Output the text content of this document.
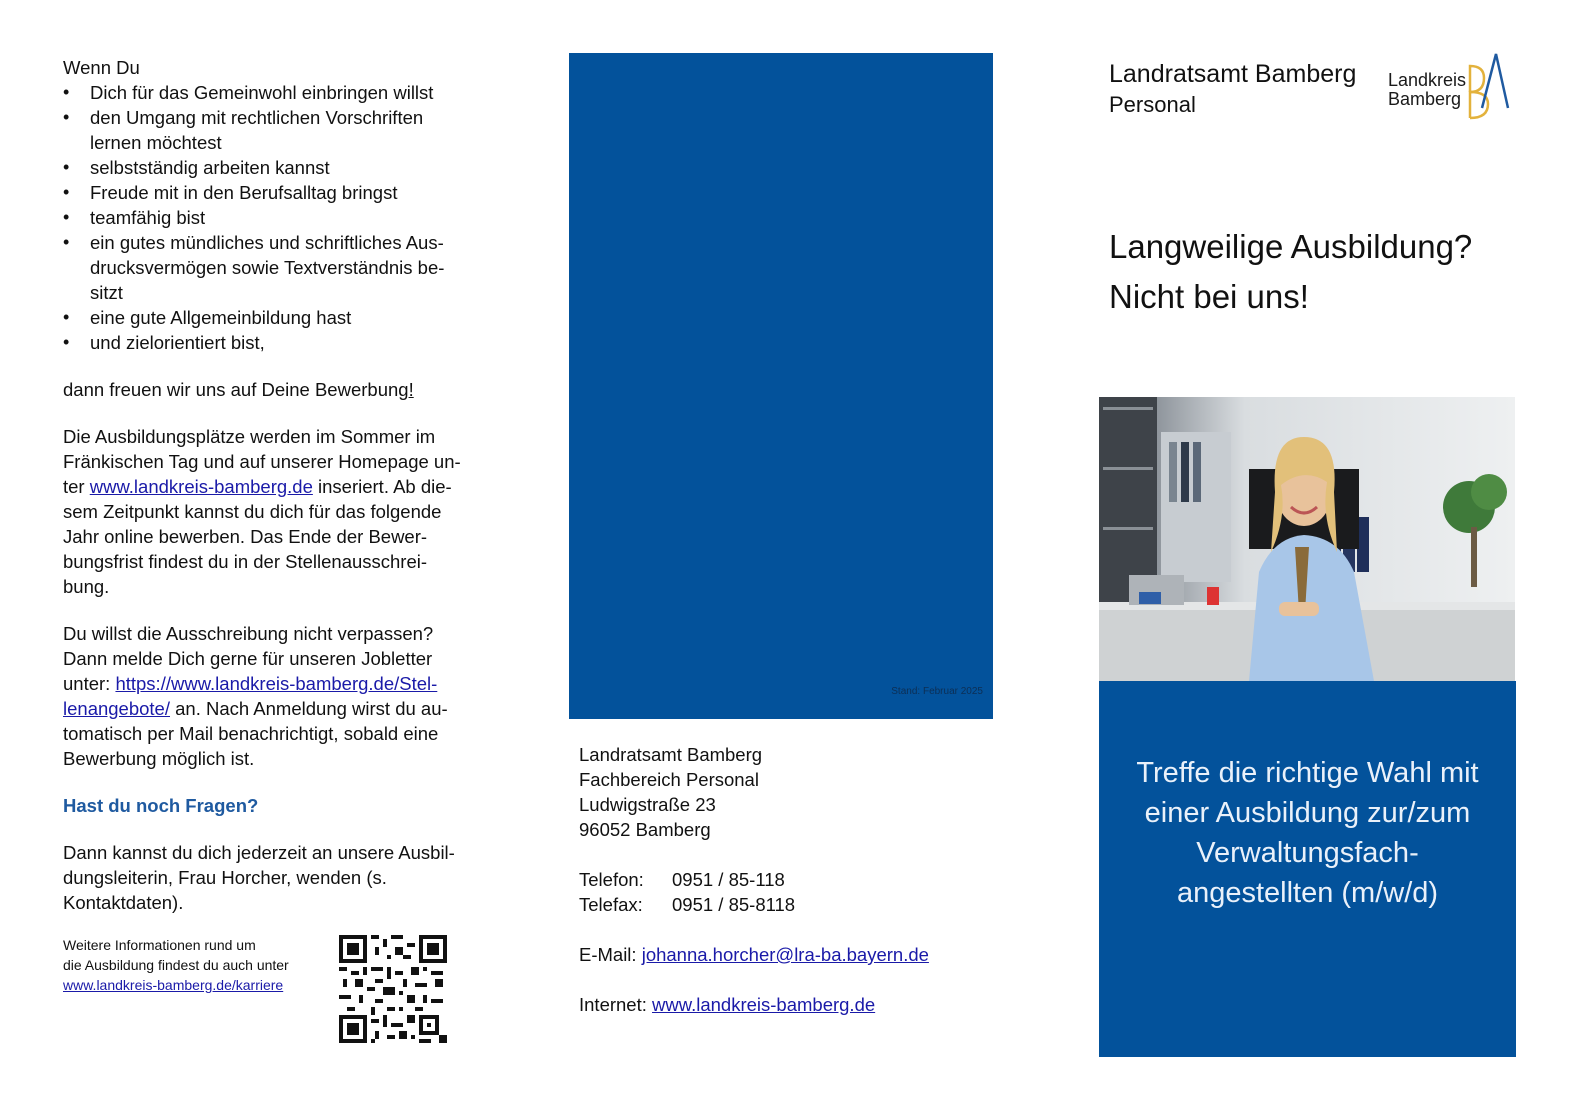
Wenn Du

• Dich für das Gemeinwohl einbringen willst
• den Umgang mit rechtlichen Vorschriften lernen möchtest
• selbstständig arbeiten kannst
• Freude mit in den Berufsalltag bringst
• teamfähig bist
• ein gutes mündliches und schriftliches Aus-drucksvermögen sowie Textverständnis be-sitzt
• eine gute Allgemeinbildung hast
• und zielorientiert bist,

dann freuen wir uns auf Deine Bewerbung!

Die Ausbildungsplätze werden im Sommer im Fränkischen Tag und auf unserer Homepage un-ter www.landkreis-bamberg.de inseriert. Ab die-sem Zeitpunkt kannst du dich für das folgende Jahr online bewerben. Das Ende der Bewer-bungsfrist findest du in der Stellenausschrei-bung.

Du willst die Ausschreibung nicht verpassen? Dann melde Dich gerne für unseren Jobletter unter: https://www.landkreis-bamberg.de/Stel-lenangebote/ an. Nach Anmeldung wirst du au-tomatisch per Mail benachrichtigt, sobald eine Bewerbung möglich ist.

Hast du noch Fragen?

Dann kannst du dich jederzeit an unsere Ausbil-dungsleiterin, Frau Horcher, wenden (s. Kontaktdaten).

Weitere Informationen rund um
die Ausbildung findest du auch unter
www.landkreis-bamberg.de/karriere
Stand: Februar 2025
Landratsamt Bamberg
Fachbereich Personal
Ludwigstraße 23
96052 Bamberg
Telefon:	0951 / 85-118
Telefax:	0951 / 85-8118
E-Mail: johanna.horcher@lra-ba.bayern.de
Internet: www.landkreis-bamberg.de
Landratsamt Bamberg
Personal
Landkreis
Bamberg
Langweilige Ausbildung?
Nicht bei uns!
Treffe die richtige Wahl mit
einer Ausbildung zur/zum
Verwaltungsfach-
angestellten (m/w/d)
